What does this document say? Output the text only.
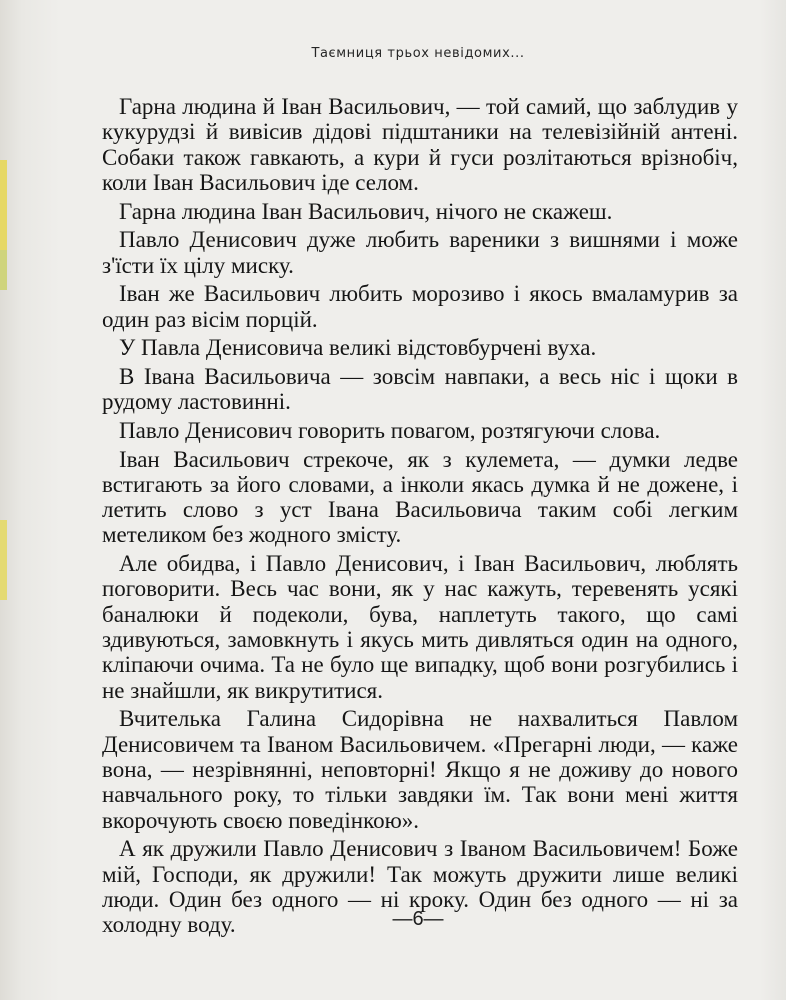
Таємниця трьох невідомих...

Гарна людина й Іван Васильович, — той самий, що заблудив у кукурудзі й вивісив дідові підштаники на телевізійній антені. Собаки також гавкають, а кури й гуси розлітаються врізнобіч, коли Іван Васильович іде селом.

Гарна людина Іван Васильович, нічого не скажеш.

Павло Денисович дуже любить вареники з вишнями і може з'їсти їх цілу миску.

Іван же Васильович любить морозиво і якось вмаламурив за один раз вісім порцій.

У Павла Денисовича великі відстовбурчені вуха.

В Івана Васильовича — зовсім навпаки, а весь ніс і щоки в рудому ластовинні.

Павло Денисович говорить повагом, розтягуючи слова.

Іван Васильович стрекоче, як з кулемета, — думки ледве встигають за його словами, а інколи якась думка й не дожене, і летить слово з уст Івана Васильовича таким собі легким метеликом без жодного змісту.

Але обидва, і Павло Денисович, і Іван Васильович, люблять поговорити. Весь час вони, як у нас кажуть, теревенять усякі баналюки й подеколи, бува, наплетуть такого, що самі здивуються, замовкнуть і якусь мить дивляться один на одного, кліпаючи очима. Та не було ще випадку, щоб вони розгубились і не знайшли, як викрутитися.

Вчителька Галина Сидорівна не нахвалиться Павлом Денисовичем та Іваном Васильовичем. «Прегарні люди, — каже вона, — незрівнянні, неповторні! Якщо я не доживу до нового навчального року, то тільки завдяки їм. Так вони мені життя вкорочують своєю поведінкою».

А як дружили Павло Денисович з Іваном Васильовичем! Боже мій, Господи, як дружили! Так можуть дружити лише великі люди. Один без одного — ні кроку. Один без одного — ні за холодну воду.	—6—
